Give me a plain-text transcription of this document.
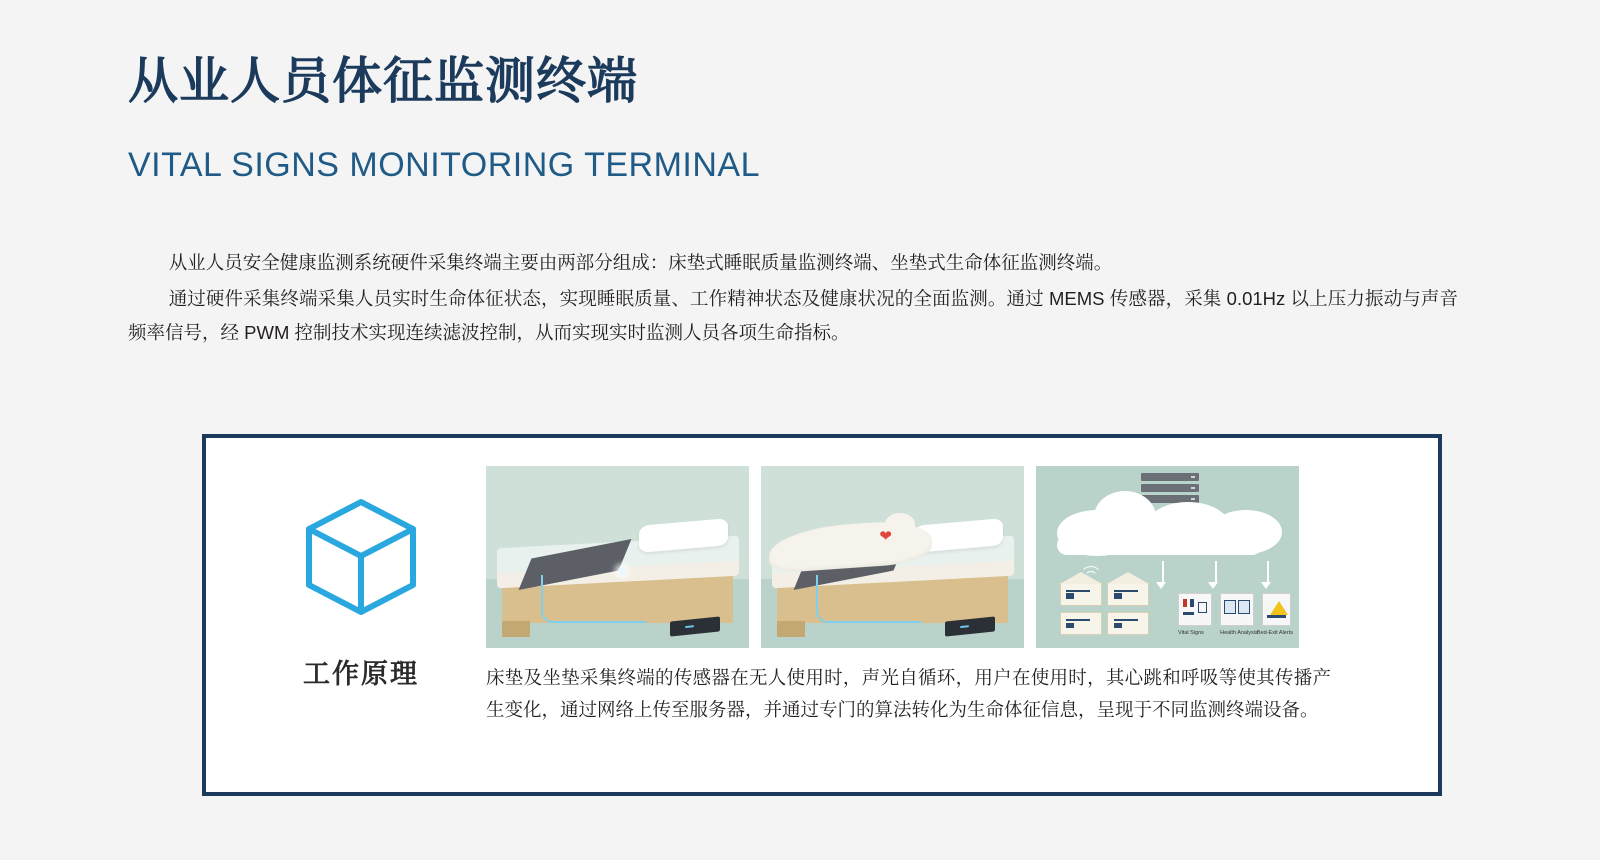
从业人员体征监测终端
VITAL SIGNS MONITORING TERMINAL

从业人员安全健康监测系统硬件采集终端主要由两部分组成：床垫式睡眠质量监测终端、坐垫式生命体征监测终端。

通过硬件采集终端采集人员实时生命体征状态，实现睡眠质量、工作精神状态及健康状况的全面监测。通过 MEMS 传感器，采集 0.01Hz 以上压力振动与声音频率信号，经 PWM 控制技术实现连续滤波控制，从而实现实时监测人员各项生命指标。

工作原理
❤
Vital Signs	Health Analysis Bed-Exit Alerts
床垫及坐垫采集终端的传感器在无人使用时，声光自循环，用户在使用时，其心跳和呼吸等使其传播产生变化，通过网络上传至服务器，并通过专门的算法转化为生命体征信息，呈现于不同监测终端设备。
